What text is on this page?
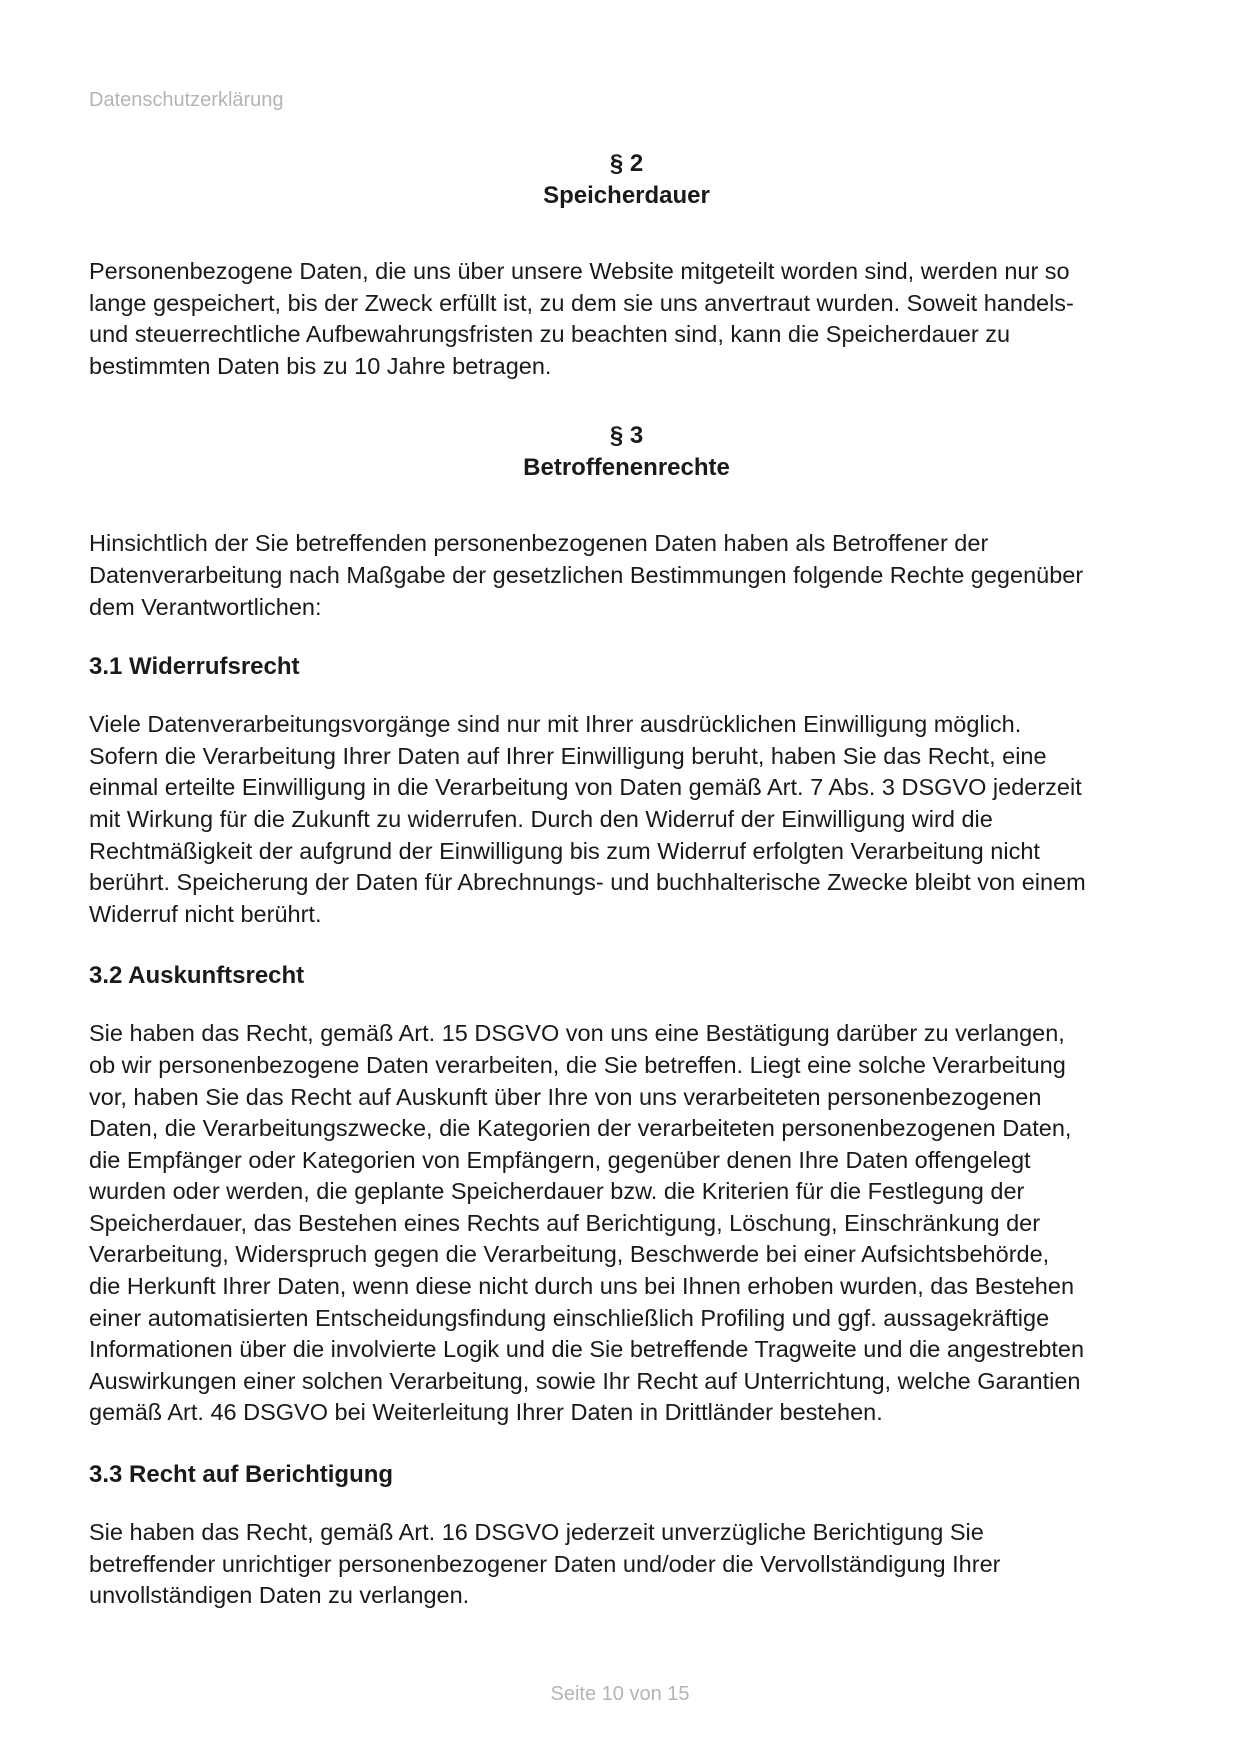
Datenschutzerklärung
§ 2
Speicherdauer

Personenbezogene Daten, die uns über unsere Website mitgeteilt worden sind, werden nur so

lange gespeichert, bis der Zweck erfüllt ist, zu dem sie uns anvertraut wurden. Soweit handels-

und steuerrechtliche Aufbewahrungsfristen zu beachten sind, kann die Speicherdauer zu

bestimmten Daten bis zu 10 Jahre betragen.

§ 3
Betroffenenrechte

Hinsichtlich der Sie betreffenden personenbezogenen Daten haben als Betroffener der

Datenverarbeitung nach Maßgabe der gesetzlichen Bestimmungen folgende Rechte gegenüber

dem Verantwortlichen:

3.1 Widerrufsrecht

Viele Datenverarbeitungsvorgänge sind nur mit Ihrer ausdrücklichen Einwilligung möglich.

Sofern die Verarbeitung Ihrer Daten auf Ihrer Einwilligung beruht, haben Sie das Recht, eine

einmal erteilte Einwilligung in die Verarbeitung von Daten gemäß Art. 7 Abs. 3 DSGVO jederzeit

mit Wirkung für die Zukunft zu widerrufen. Durch den Widerruf der Einwilligung wird die

Rechtmäßigkeit der aufgrund der Einwilligung bis zum Widerruf erfolgten Verarbeitung nicht

berührt. Speicherung der Daten für Abrechnungs- und buchhalterische Zwecke bleibt von einem

Widerruf nicht berührt.

3.2 Auskunftsrecht

Sie haben das Recht, gemäß Art. 15 DSGVO von uns eine Bestätigung darüber zu verlangen,

ob wir personenbezogene Daten verarbeiten, die Sie betreffen. Liegt eine solche Verarbeitung

vor, haben Sie das Recht auf Auskunft über Ihre von uns verarbeiteten personenbezogenen

Daten, die Verarbeitungszwecke, die Kategorien der verarbeiteten personenbezogenen Daten,

die Empfänger oder Kategorien von Empfängern, gegenüber denen Ihre Daten offengelegt

wurden oder werden, die geplante Speicherdauer bzw. die Kriterien für die Festlegung der

Speicherdauer, das Bestehen eines Rechts auf Berichtigung, Löschung, Einschränkung der

Verarbeitung, Widerspruch gegen die Verarbeitung, Beschwerde bei einer Aufsichtsbehörde,

die Herkunft Ihrer Daten, wenn diese nicht durch uns bei Ihnen erhoben wurden, das Bestehen

einer automatisierten Entscheidungsfindung einschließlich Profiling und ggf. aussagekräftige

Informationen über die involvierte Logik und die Sie betreffende Tragweite und die angestrebten

Auswirkungen einer solchen Verarbeitung, sowie Ihr Recht auf Unterrichtung, welche Garantien

gemäß Art. 46 DSGVO bei Weiterleitung Ihrer Daten in Drittländer bestehen.

3.3 Recht auf Berichtigung

Sie haben das Recht, gemäß Art. 16 DSGVO jederzeit unverzügliche Berichtigung Sie

betreffender unrichtiger personenbezogener Daten und/oder die Vervollständigung Ihrer

unvollständigen Daten zu verlangen.

Seite 10 von 15
